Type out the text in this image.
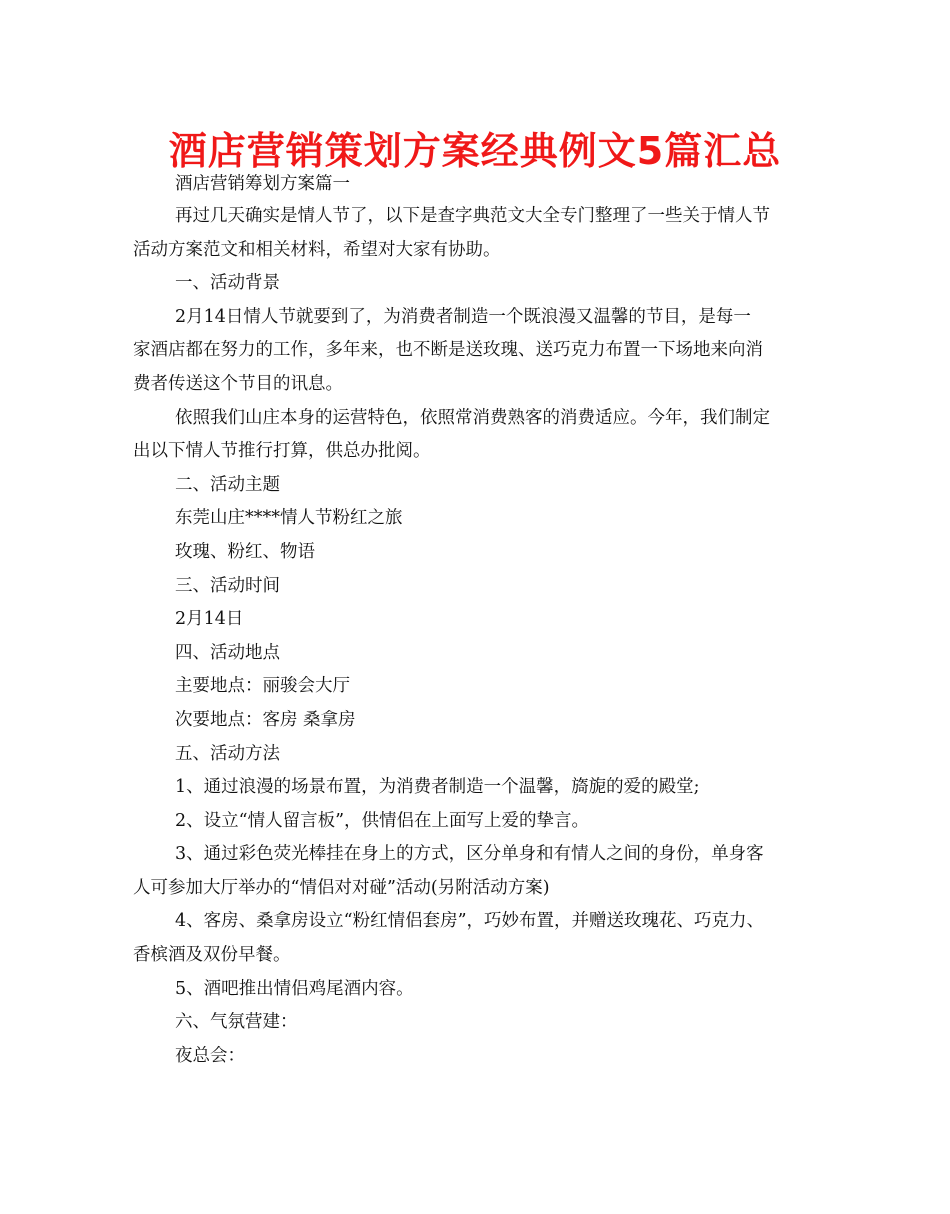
酒店营销策划方案经典例文5篇汇总
酒店营销筹划方案篇一
再过几天确实是情人节了，以下是查字典范文大全专门整理了一些关于情人节
活动方案范文和相关材料，希望对大家有协助。
一、活动背景
2月14日情人节就要到了，为消费者制造一个既浪漫又温馨的节目，是每一
家酒店都在努力的工作，多年来，也不断是送玫瑰、送巧克力布置一下场地来向消
费者传送这个节目的讯息。
依照我们山庄本身的运营特色，依照常消费熟客的消费适应。今年，我们制定
出以下情人节推行打算，供总办批阅。
二、活动主题
东莞山庄****情人节粉红之旅
玫瑰、粉红、物语
三、活动时间
2月14日
四、活动地点
主要地点：丽骏会大厅
次要地点：客房 桑拿房
五、活动方法
1、通过浪漫的场景布置，为消费者制造一个温馨，旖旎的爱的殿堂;
2、设立“情人留言板”，供情侣在上面写上爱的挚言。
3、通过彩色荧光棒挂在身上的方式，区分单身和有情人之间的身份，单身客
人可参加大厅举办的“情侣对对碰”活动(另附活动方案)
4、客房、桑拿房设立“粉红情侣套房”，巧妙布置，并赠送玫瑰花、巧克力、
香槟酒及双份早餐。
5、酒吧推出情侣鸡尾酒内容。
六、气氛营建：
夜总会：
